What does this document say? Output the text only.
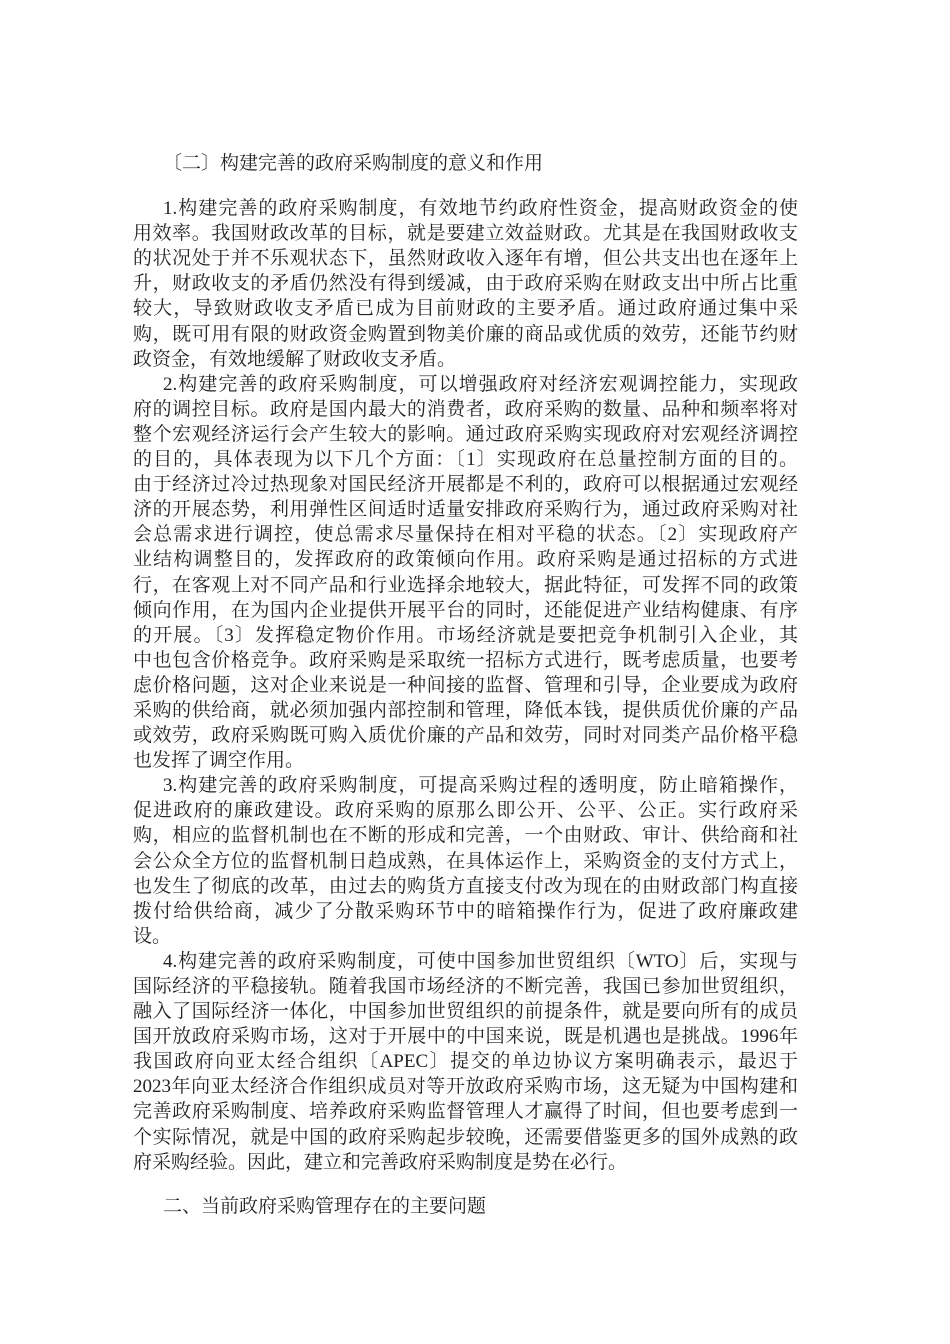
〔二〕构建完善的政府采购制度的意义和作用
1.构建完善的政府采购制度，有效地节约政府性资金，提高财政资金的使
用效率。我国财政改革的目标，就是要建立效益财政。尤其是在我国财政收支
的状况处于并不乐观状态下，虽然财政收入逐年有增，但公共支出也在逐年上
升，财政收支的矛盾仍然没有得到缓减，由于政府采购在财政支出中所占比重
较大，导致财政收支矛盾已成为目前财政的主要矛盾。通过政府通过集中采
购，既可用有限的财政资金购置到物美价廉的商品或优质的效劳，还能节约财
政资金，有效地缓解了财政收支矛盾。
2.构建完善的政府采购制度，可以增强政府对经济宏观调控能力，实现政
府的调控目标。政府是国内最大的消费者，政府采购的数量、品种和频率将对
整个宏观经济运行会产生较大的影响。通过政府采购实现政府对宏观经济调控
的目的，具体表现为以下几个方面：〔1〕实现政府在总量控制方面的目的。
由于经济过冷过热现象对国民经济开展都是不利的，政府可以根据通过宏观经
济的开展态势，利用弹性区间适时适量安排政府采购行为，通过政府采购对社
会总需求进行调控，使总需求尽量保持在相对平稳的状态。〔2〕实现政府产
业结构调整目的，发挥政府的政策倾向作用。政府采购是通过招标的方式进
行，在客观上对不同产品和行业选择余地较大，据此特征，可发挥不同的政策
倾向作用，在为国内企业提供开展平台的同时，还能促进产业结构健康、有序
的开展。〔3〕发挥稳定物价作用。市场经济就是要把竞争机制引入企业，其
中也包含价格竞争。政府采购是采取统一招标方式进行，既考虑质量，也要考
虑价格问题，这对企业来说是一种间接的监督、管理和引导，企业要成为政府
采购的供给商，就必须加强内部控制和管理，降低本钱，提供质优价廉的产品
或效劳，政府采购既可购入质优价廉的产品和效劳，同时对同类产品价格平稳
也发挥了调空作用。
3.构建完善的政府采购制度，可提高采购过程的透明度，防止暗箱操作，
促进政府的廉政建设。政府采购的原那么即公开、公平、公正。实行政府采
购，相应的监督机制也在不断的形成和完善，一个由财政、审计、供给商和社
会公众全方位的监督机制日趋成熟，在具体运作上，采购资金的支付方式上，
也发生了彻底的改革，由过去的购货方直接支付改为现在的由财政部门构直接
拨付给供给商，减少了分散采购环节中的暗箱操作行为，促进了政府廉政建
设。
4.构建完善的政府采购制度，可使中国参加世贸组织〔WTO〕后，实现与
国际经济的平稳接轨。随着我国市场经济的不断完善，我国已参加世贸组织，
融入了国际经济一体化，中国参加世贸组织的前提条件，就是要向所有的成员
国开放政府采购市场，这对于开展中的中国来说，既是机遇也是挑战。1996年
我国政府向亚太经合组织〔APEC〕提交的单边协议方案明确表示，最迟于
2023年向亚太经济合作组织成员对等开放政府采购市场，这无疑为中国构建和
完善政府采购制度、培养政府采购监督管理人才赢得了时间，但也要考虑到一
个实际情况，就是中国的政府采购起步较晚，还需要借鉴更多的国外成熟的政
府采购经验。因此，建立和完善政府采购制度是势在必行。
二、当前政府采购管理存在的主要问题
